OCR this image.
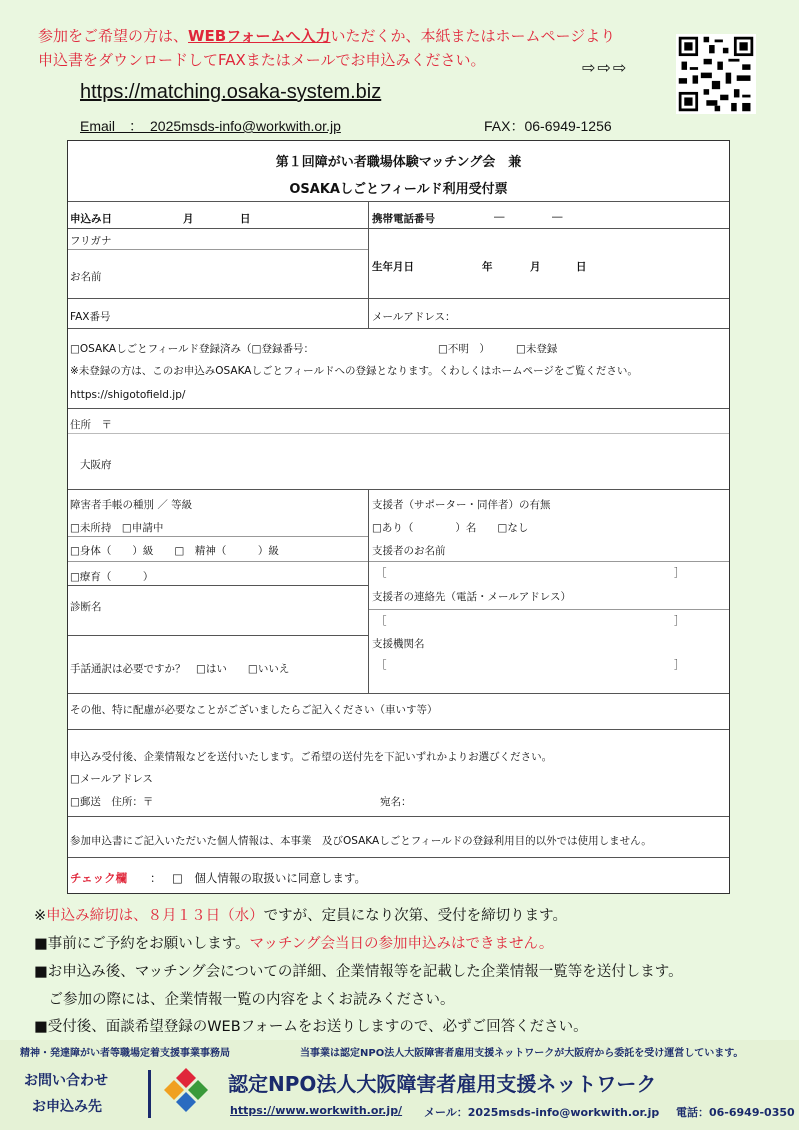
参加をご希望の方は、WEBフォームへ入力いただくか、本紙またはホームページより
申込書をダウンロードしてFAXまたはメールでお申込みください。	⇨⇨⇨
https://matching.osaka-system.biz
Email　：　2025msds-info@workwith.or.jp	FAX：06-6949-1256
第１回障がい者職場体験マッチング会　兼
OSAKAしごとフィールド利用受付票
申込み日	月	日	携帯電話番号	―	―
フリガナ
お名前
生年月日	年	月	日
FAX番号	メールアドレス：
□OSAKAしごとフィールド登録済み（□登録番号：	□不明　） □未登録
※未登録の方は、このお申込みOSAKAしごとフィールドへの登録となります。くわしくはホームページをご覧ください。
https://shigotofield.jp/
住所　〒
大阪府
障害者手帳の種別 ／ 等級
□未所持　□申請中
□身体（　　）級　　□　精神（　　　）級
□療育（　　　）
診断名
手話通訳は必要ですか？　□はい　　□いいえ
支援者（サポーター・同伴者）の有無
□あり（　　　　）名　　□なし
支援者のお名前
［	］
支援者の連絡先（電話・メールアドレス）
［	］
支援機関名
［	］
その他、特に配慮が必要なことがございましたらご記入ください（車いす等）
申込み受付後、企業情報などを送付いたします。ご希望の送付先を下記いずれかよりお選びください。
□メールアドレス
□郵送　住所：〒	宛名：
参加申込書にご記入いただいた個人情報は、本事業　及びOSAKAしごとフィールドの登録利用目的以外では使用しません。
チェック欄 ： □　個人情報の取扱いに同意します。
※申込み締切は、８月１３日（水）ですが、定員になり次第、受付を締切ります。
■事前にご予約をお願いします。マッチング会当日の参加申込みはできません。
■お申込み後、マッチング会についての詳細、企業情報等を記載した企業情報一覧等を送付します。
　ご参加の際には、企業情報一覧の内容をよくお読みください。
■受付後、面談希望登録のWEBフォームをお送りしますので、必ずご回答ください。
精神・発達障がい者等職場定着支援事業事務局	当事業は認定NPO法人大阪障害者雇用支援ネットワークが大阪府から委託を受け運営しています。
お問い合わせ
お申込み先
認定NPO法人大阪障害者雇用支援ネットワーク
https://www.workwith.or.jp/ メール：2025msds-info@workwith.or.jp 電話：06-6949-0350
